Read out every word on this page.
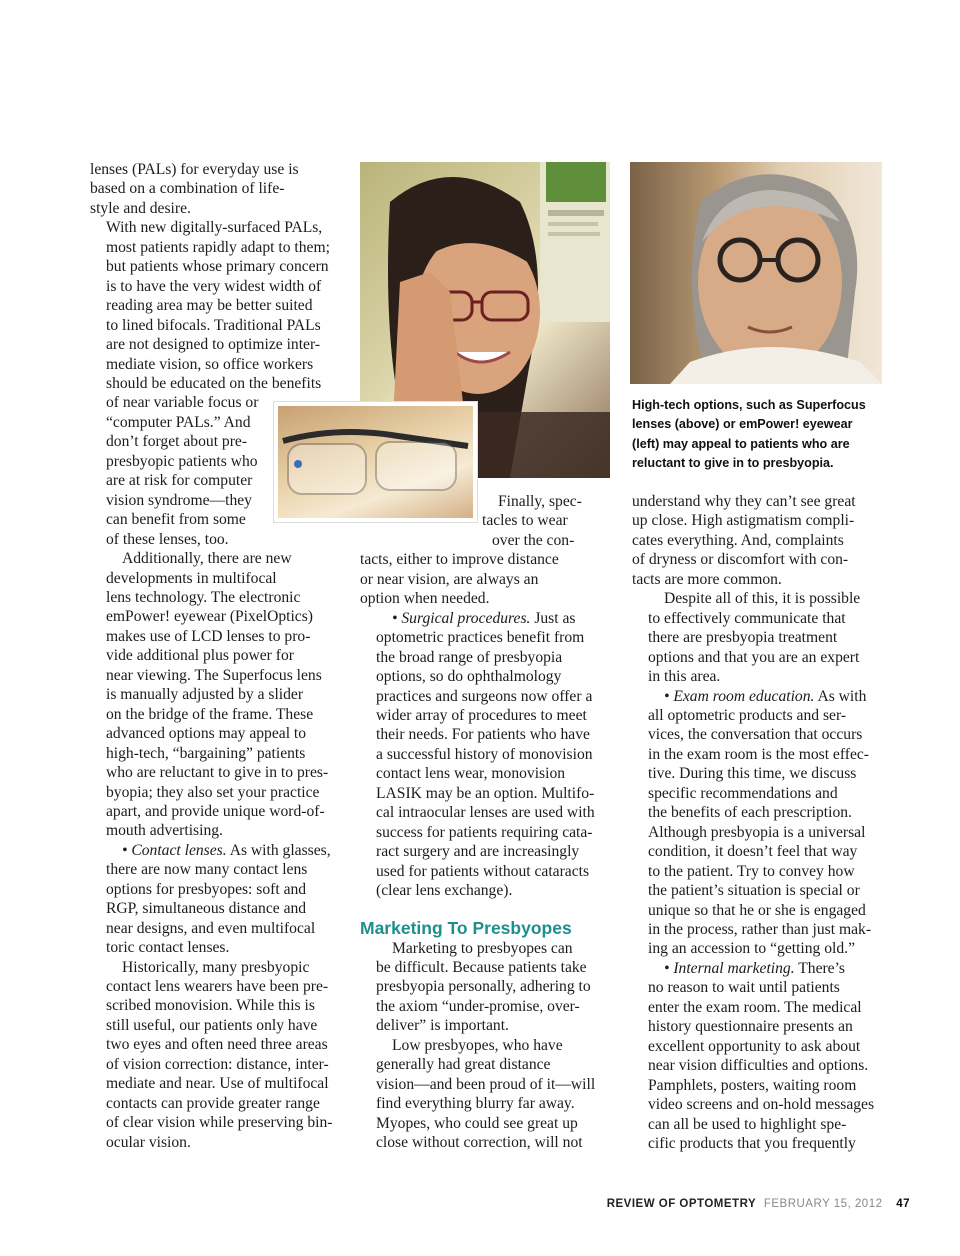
lenses (PALs) for everyday use is
based on a combination of life-
style and desire.

With new digitally-surfaced PALs,
most patients rapidly adapt to them;
but patients whose primary concern
is to have the very widest width of
reading area may be better suited
to lined bifocals. Traditional PALs
are not designed to optimize inter-
mediate vision, so office workers
should be educated on the benefits
of near variable focus or
“computer PALs.” And
don’t forget about pre-
presbyopic patients who
are at risk for computer
vision syndrome—they
can benefit from some
of these lenses, too.

Additionally, there are new
developments in multifocal
lens technology. The electronic
emPower! eyewear (PixelOptics)
makes use of LCD lenses to pro-
vide additional plus power for
near viewing. The Superfocus lens
is manually adjusted by a slider
on the bridge of the frame. These
advanced options may appeal to
high-tech, “bargaining” patients
who are reluctant to give in to pres-
byopia; they also set your practice
apart, and provide unique word-of-
mouth advertising.

• Contact lenses. As with glasses,
there are now many contact lens
options for presbyopes: soft and
RGP, simultaneous distance and
near designs, and even multifocal
toric contact lenses.

Historically, many presbyopic
contact lens wearers have been pre-
scribed monovision. While this is
still useful, our patients only have
two eyes and often need three areas
of vision correction: distance, inter-
mediate and near. Use of multifocal
contacts can provide greater range
of clear vision while preserving bin-
ocular vision.

Finally, spec-
tacles to wear
over the con-
tacts, either to improve distance
or near vision, are always an
option when needed.

• Surgical procedures. Just as
optometric practices benefit from
the broad range of presbyopia
options, so do ophthalmology
practices and surgeons now offer a
wider array of procedures to meet
their needs. For patients who have
a successful history of monovision
contact lens wear, monovision
LASIK may be an option. Multifo-
cal intraocular lenses are used with
success for patients requiring cata-
ract surgery and are increasingly
used for patients without cataracts
(clear lens exchange).

Marketing To Presbyopes

Marketing to presbyopes can
be difficult. Because patients take
presbyopia personally, adhering to
the axiom “under-promise, over-
deliver” is important.

Low presbyopes, who have
generally had great distance
vision—and been proud of it—will
find everything blurry far away.
Myopes, who could see great up
close without correction, will not

understand why they can’t see great
up close. High astigmatism compli-
cates everything. And, complaints
of dryness or discomfort with con-
tacts are more common.

Despite all of this, it is possible
to effectively communicate that
there are presbyopia treatment
options and that you are an expert
in this area.

• Exam room education. As with
all optometric products and ser-
vices, the conversation that occurs
in the exam room is the most effec-
tive. During this time, we discuss
specific recommendations and
the benefits of each prescription.
Although presbyopia is a universal
condition, it doesn’t feel that way
to the patient. Try to convey how
the patient’s situation is special or
unique so that he or she is engaged
in the process, rather than just mak-
ing an accession to “getting old.”

• Internal marketing. There’s
no reason to wait until patients
enter the exam room. The medical
history questionnaire presents an
excellent opportunity to ask about
near vision difficulties and options.
Pamphlets, posters, waiting room
video screens and on-hold messages
can all be used to highlight spe-
cific products that you frequently

High-tech options, such as Superfocus
lenses (above) or emPower! eyewear
(left) may appeal to patients who are
reluctant to give in to presbyopia.
REVIEW OF OPTOMETRY FEBRUARY 15, 2012 47
